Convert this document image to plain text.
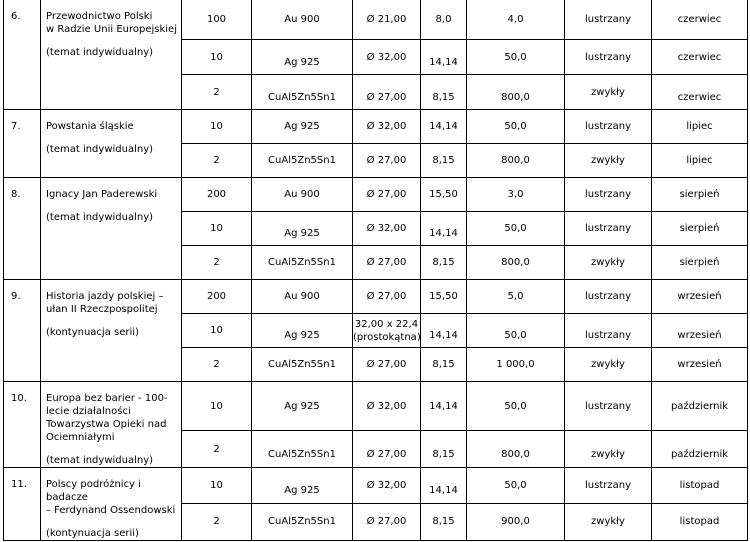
6.	Przewodnictwo Polski
w Radzie Unii Europejskiej
(temat indywidualny)	100	Au 900	Ø 21,00	8,0	4,0	lustrzany	czerwiec
		10	Ag 925	Ø 32,00	14,14	50,0	lustrzany	czerwiec
		2	CuAl5Zn5Sn1	Ø 27,00	8,15	800,0	zwykły	czerwiec
7.	Powstania śląskie
(temat indywidualny)	10	Ag 925	Ø 32,00	14,14	50,0	lustrzany	lipiec
		2	CuAl5Zn5Sn1	Ø 27,00	8,15	800,0	zwykły	lipiec
8.	Ignacy Jan Paderewski
(temat indywidualny)	200	Au 900	Ø 27,00	15,50	3,0	lustrzany	sierpień
		10	Ag 925	Ø 32,00	14,14	50,0	lustrzany	sierpień
		2	CuAl5Zn5Sn1	Ø 27,00	8,15	800,0	zwykły	sierpień
9.	Historia jazdy polskiej –
ułan II Rzeczpospolitej
(kontynuacja serii)	200	Au 900	Ø 27,00	15,50	5,0	lustrzany	wrzesień
		10	Ag 925	32,00 x 22,4
(prostokątna)	14,14	50,0	lustrzany	wrzesień
		2	CuAl5Zn5Sn1	Ø 27,00	8,15	1 000,0	zwykły	wrzesień
10.	Europa bez barier - 100-
lecie działalności
Towarzystwa Opieki nad
Ociemniałymi
(temat indywidualny)	10	Ag 925	Ø 32,00	14,14	50,0	lustrzany	październik
		2	CuAl5Zn5Sn1	Ø 27,00	8,15	800,0	zwykły	październik
11.	Polscy podróżnicy i badacze
– Ferdynand Ossendowski
(kontynuacja serii)	10	Ag 925	Ø 32,00	14,14	50,0	lustrzany	listopad
		2	CuAl5Zn5Sn1	Ø 27,00	8,15	900,0	zwykły	listopad
